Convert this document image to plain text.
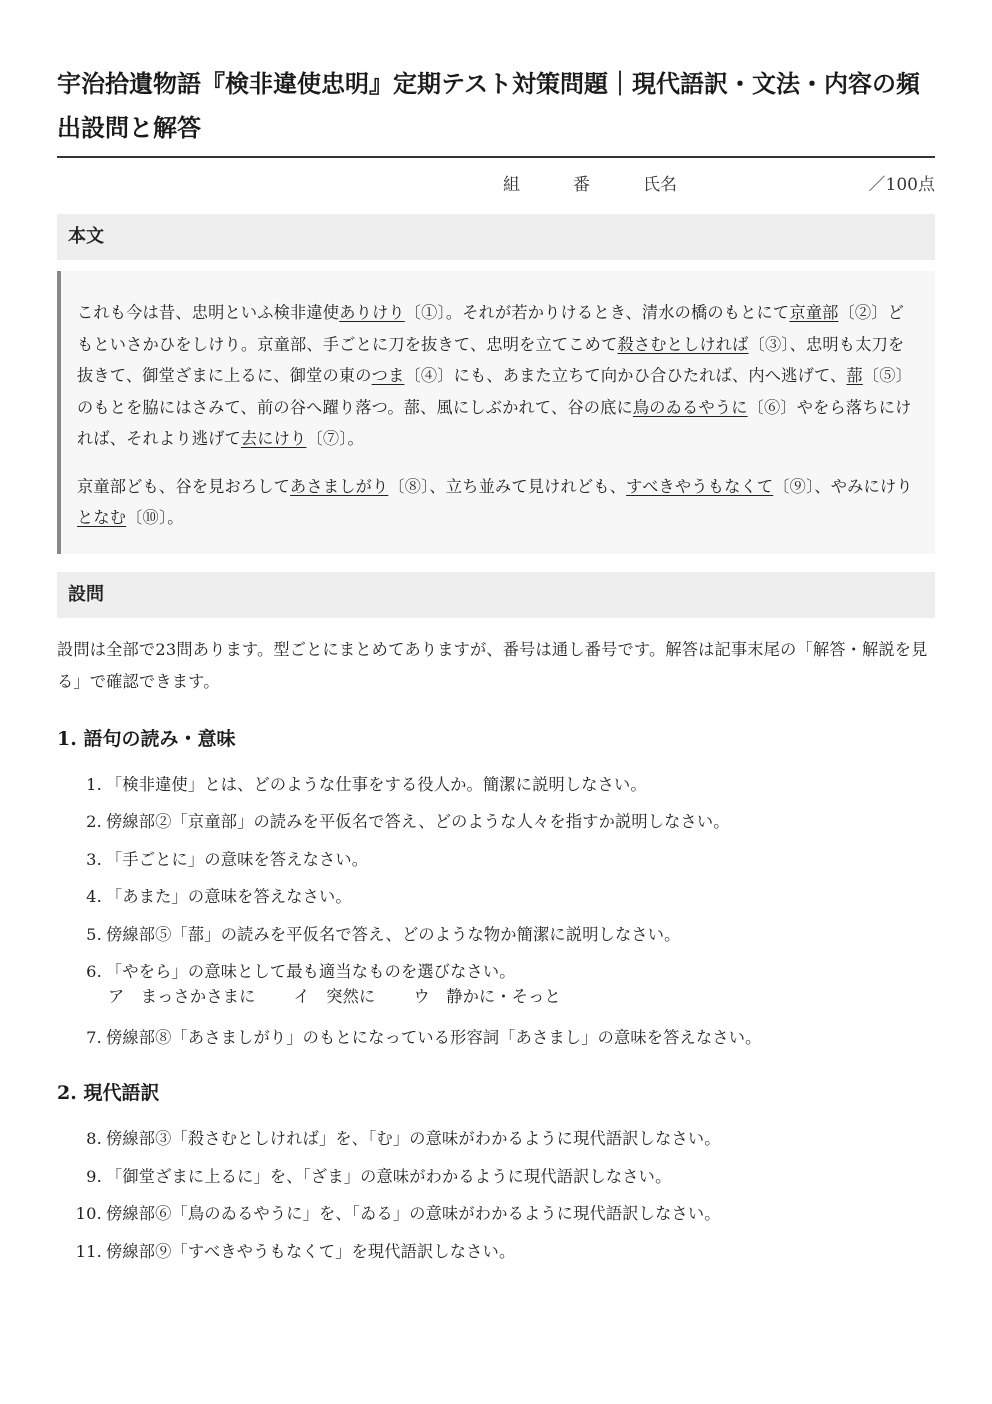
宇治拾遺物語『検非違使忠明』定期テスト対策問題｜現代語訳・文法・内容の頻出設問と解答
組	番	氏名	／100点
本文

これも今は昔、忠明といふ検非違使ありけり〔①〕。それが若かりけるとき、清水の橋のもとにて京童部〔②〕どもといさかひをしけり。京童部、手ごとに刀を抜きて、忠明を立てこめて殺さむとしければ〔③〕、忠明も太刀を抜きて、御堂ざまに上るに、御堂の東のつま〔④〕にも、あまた立ちて向かひ合ひたれば、内へ逃げて、蔀〔⑤〕のもとを脇にはさみて、前の谷へ躍り落つ。蔀、風にしぶかれて、谷の底に鳥のゐるやうに〔⑥〕やをら落ちにければ、それより逃げて去にけり〔⑦〕。

京童部ども、谷を見おろしてあさましがり〔⑧〕、立ち並みて見けれども、すべきやうもなくて〔⑨〕、やみにけりとなむ〔⑩〕。

設問

設問は全部で23問あります。型ごとにまとめてありますが、番号は通し番号です。解答は記事末尾の「解答・解説を見る」で確認できます。

1. 語句の読み・意味
1. 「検非違使」とは、どのような仕事をする役人か。簡潔に説明しなさい。
2. 傍線部②「京童部」の読みを平仮名で答え、どのような人々を指すか説明しなさい。
3. 「手ごとに」の意味を答えなさい。
4. 「あまた」の意味を答えなさい。
5. 傍線部⑤「蔀」の読みを平仮名で答え、どのような物か簡潔に説明しなさい。
6. 「やをら」の意味として最も適当なものを選びなさい。
ア　まっさかさまに イ　突然に ウ　静かに・そっと
7. 傍線部⑧「あさましがり」のもとになっている形容詞「あさまし」の意味を答えなさい。
2. 現代語訳
8. 傍線部③「殺さむとしければ」を、「む」の意味がわかるように現代語訳しなさい。
9. 「御堂ざまに上るに」を、「ざま」の意味がわかるように現代語訳しなさい。
10. 傍線部⑥「鳥のゐるやうに」を、「ゐる」の意味がわかるように現代語訳しなさい。
11. 傍線部⑨「すべきやうもなくて」を現代語訳しなさい。
